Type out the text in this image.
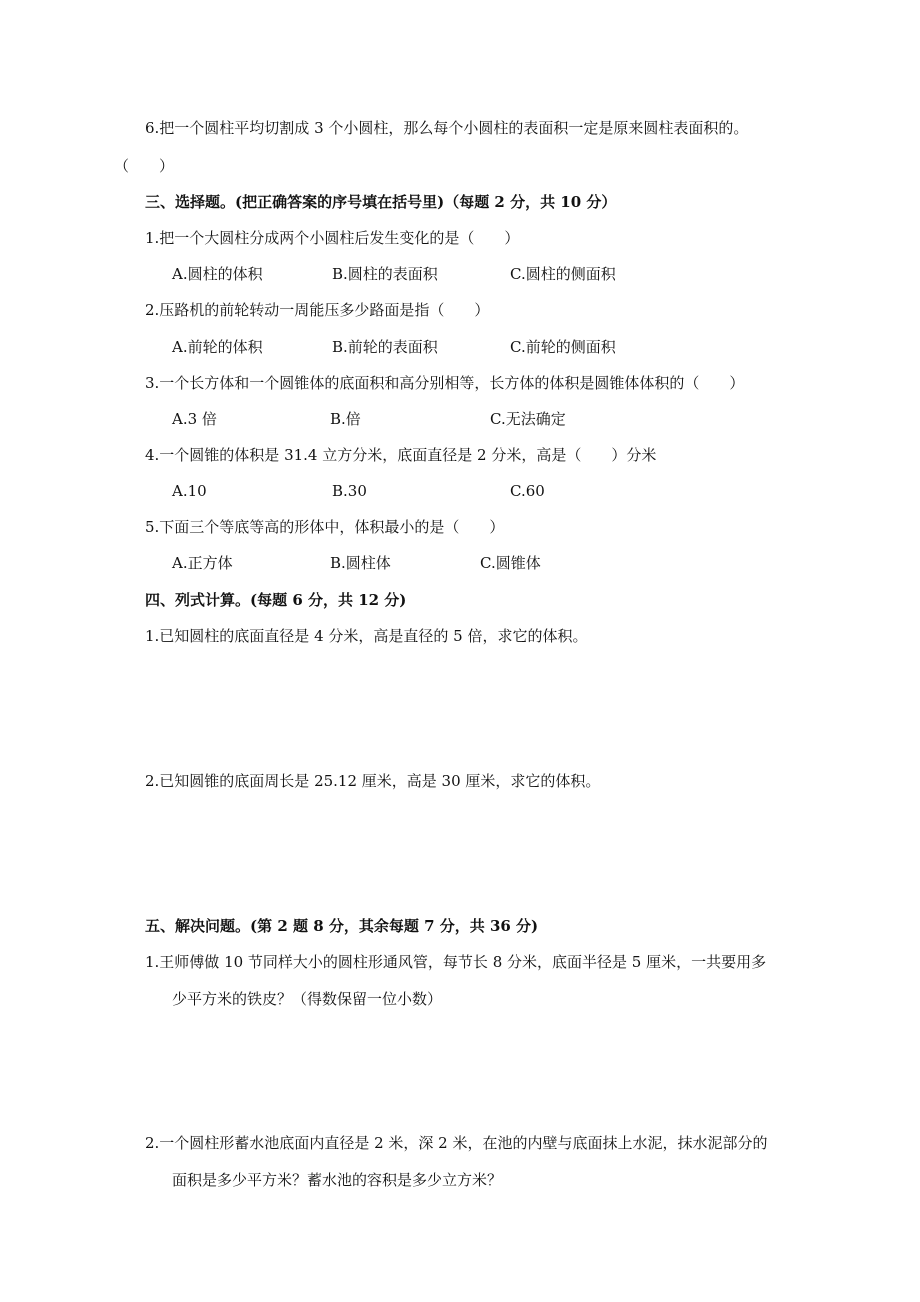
6.把一个圆柱平均切割成 3 个小圆柱，那么每个小圆柱的表面积一定是原来圆柱表面积的。
（　　）
三、选择题。(把正确答案的序号填在括号里)（每题 2 分，共 10 分）
1.把一个大圆柱分成两个小圆柱后发生变化的是（　　）
A.圆柱的体积	B.圆柱的表面积	C.圆柱的侧面积
2.压路机的前轮转动一周能压多少路面是指（　　）
A.前轮的体积	B.前轮的表面积	C.前轮的侧面积
3.一个长方体和一个圆锥体的底面积和高分别相等，长方体的体积是圆锥体体积的（　　）
A.3 倍	B.倍	C.无法确定
4.一个圆锥的体积是 31.4 立方分米，底面直径是 2 分米，高是（　　）分米
A.10	B.30	C.60
5.下面三个等底等高的形体中，体积最小的是（　　）
A.正方体	B.圆柱体	C.圆锥体
四、列式计算。(每题 6 分，共 12 分)
1.已知圆柱的底面直径是 4 分米，高是直径的 5 倍，求它的体积。
2.已知圆锥的底面周长是 25.12 厘米，高是 30 厘米，求它的体积。
五、解决问题。(第 2 题 8 分，其余每题 7 分，共 36 分)
1.王师傅做 10 节同样大小的圆柱形通风管，每节长 8 分米，底面半径是 5 厘米，一共要用多
少平方米的铁皮？（得数保留一位小数）
2.一个圆柱形蓄水池底面内直径是 2 米，深 2 米，在池的内壁与底面抹上水泥，抹水泥部分的
面积是多少平方米？蓄水池的容积是多少立方米？
